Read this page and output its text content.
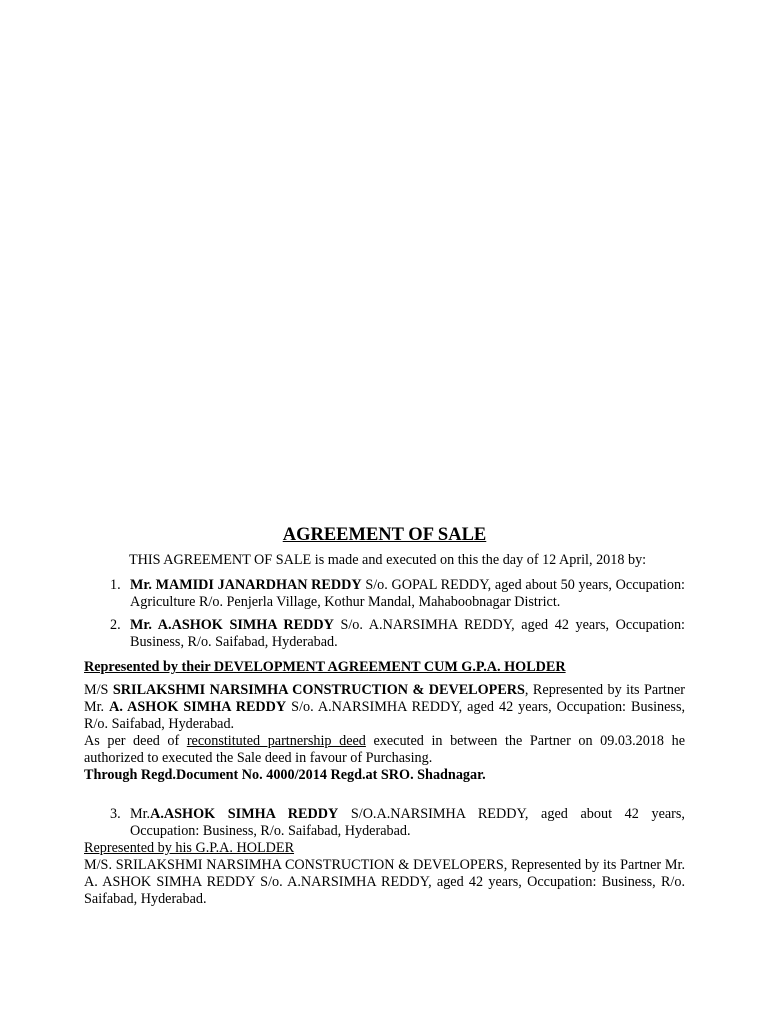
AGREEMENT OF SALE

THIS AGREEMENT OF SALE is made and executed on this the day of 12 April, 2018 by:

1. Mr. MAMIDI JANARDHAN REDDY S/o. GOPAL REDDY, aged about 50 years, Occupation: Agriculture R/o. Penjerla Village, Kothur Mandal, Mahaboobnagar District.
2. Mr. A.ASHOK SIMHA REDDY S/o. A.NARSIMHA REDDY, aged 42 years, Occupation: Business, R/o. Saifabad, Hyderabad.

Represented by their DEVELOPMENT AGREEMENT CUM G.P.A. HOLDER

M/S SRILAKSHMI NARSIMHA CONSTRUCTION & DEVELOPERS, Represented by its Partner Mr. A. ASHOK SIMHA REDDY S/o. A.NARSIMHA REDDY, aged 42 years, Occupation: Business, R/o. Saifabad, Hyderabad.

As per deed of reconstituted partnership deed executed in between the Partner on 09.03.2018 he authorized to executed the Sale deed in favour of Purchasing.

Through Regd.Document No. 4000/2014 Regd.at SRO. Shadnagar.

3. Mr.A.ASHOK SIMHA REDDY S/O.A.NARSIMHA REDDY, aged about 42 years, Occupation: Business, R/o. Saifabad, Hyderabad.

Represented by his G.P.A. HOLDER

M/S. SRILAKSHMI NARSIMHA CONSTRUCTION & DEVELOPERS, Represented by its Partner Mr. A. ASHOK SIMHA REDDY S/o. A.NARSIMHA REDDY, aged 42 years, Occupation: Business, R/o. Saifabad, Hyderabad.
